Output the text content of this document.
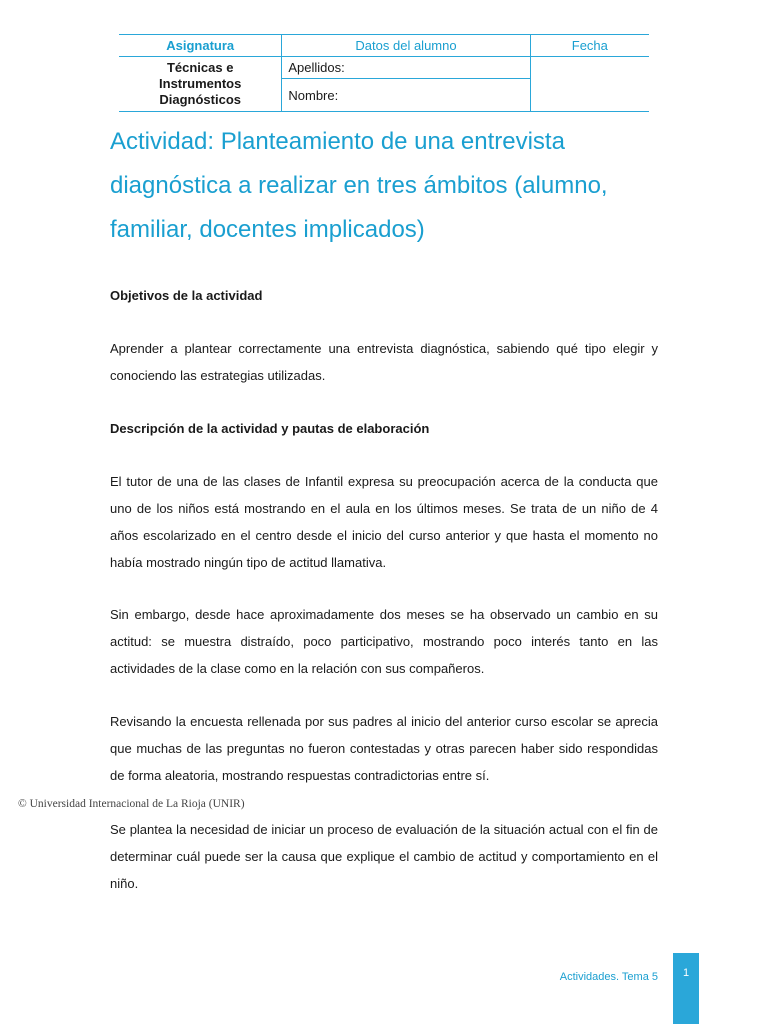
Asignatura	Datos del alumno	Fecha

Técnicas e
Instrumentos
Diagnósticos	Apellidos:	
	Nombre:	
Actividad: Planteamiento de una entrevista diagnóstica a realizar en tres ámbitos (alumno, familiar, docentes implicados)

Objetivos de la actividad

Aprender a plantear correctamente una entrevista diagnóstica, sabiendo qué tipo elegir y conociendo las estrategias utilizadas.

Descripción de la actividad y pautas de elaboración

El tutor de una de las clases de Infantil expresa su preocupación acerca de la conducta que uno de los niños está mostrando en el aula en los últimos meses. Se trata de un niño de 4 años escolarizado en el centro desde el inicio del curso anterior y que hasta el momento no había mostrado ningún tipo de actitud llamativa.

Sin embargo, desde hace aproximadamente dos meses se ha observado un cambio en su actitud: se muestra distraído, poco participativo, mostrando poco interés tanto en las actividades de la clase como en la relación con sus compañeros.

Revisando la encuesta rellenada por sus padres al inicio del anterior curso escolar se aprecia que muchas de las preguntas no fueron contestadas y otras parecen haber sido respondidas de forma aleatoria, mostrando respuestas contradictorias entre sí.

© Universidad Internacional de La Rioja (UNIR)

Se plantea la necesidad de iniciar un proceso de evaluación de la situación actual con el fin de determinar cuál puede ser la causa que explique el cambio de actitud y comportamiento en el niño.

Actividades. Tema 5	1
